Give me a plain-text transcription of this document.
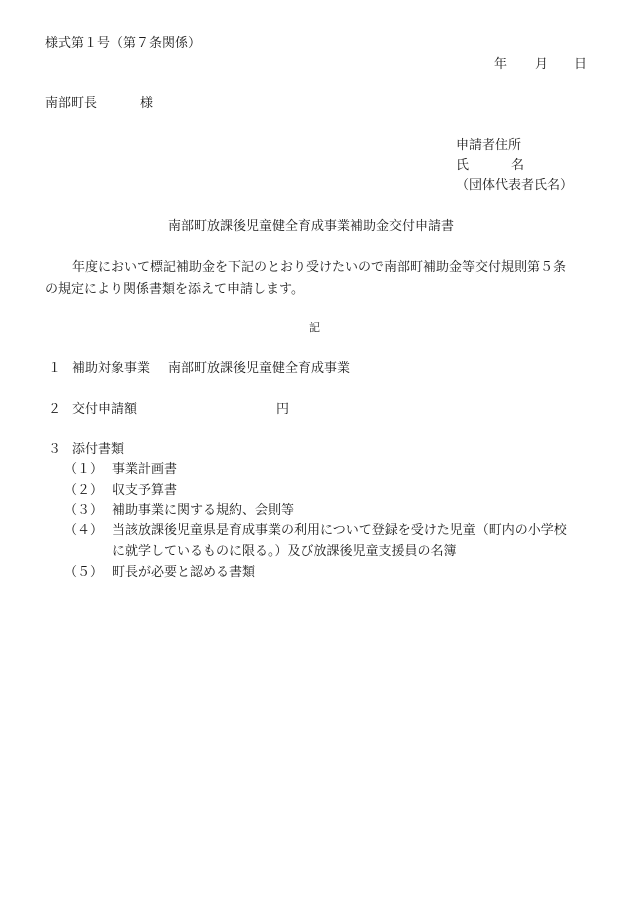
様式第１号（第７条関係）
年 月 日
南部町長	様
申請者住所
氏	名
（団体代表者氏名）
南部町放課後児童健全育成事業補助金交付申請書
年度において標記補助金を下記のとおり受けたいので南部町補助金等交付規則第５条
の規定により関係書類を添えて申請します。
記
１ 補助対象事業 南部町放課後児童健全育成事業
２ 交付申請額	円
３ 添付書類
（１） 事業計画書
（２） 収支予算書
（３） 補助事業に関する規約、会則等
（４） 当該放課後児童県是育成事業の利用について登録を受けた児童（町内の小学校
に就学しているものに限る。）及び放課後児童支援員の名簿
（５） 町長が必要と認める書類
